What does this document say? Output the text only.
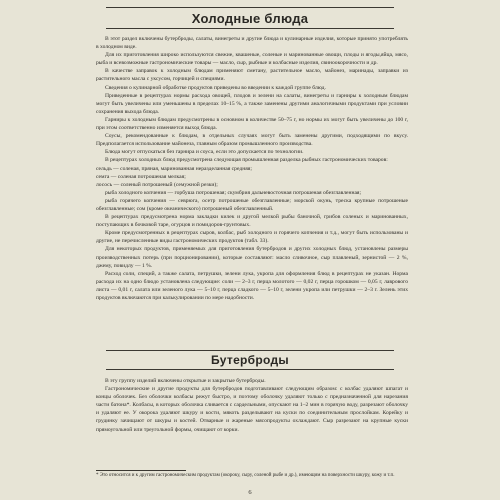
Холодные блюда

В этот раздел включены бутерброды, салаты, винегреты и другие блюда и кулинарные изделия, которые принято употреблять в холодном виде.

Для их приготовления широко используются свежие, квашеные, соленые и маринованные овощи, плоды и ягоды,яйца, мясо, рыба и всевозможные гастрономические товары — масло, сыр, рыбные и колбасные изделия, свиноокорочности и др.

В качестве заправок к холодным блюдам применяют сметану, растительное масло, майонез, маринады, заправки из растительного масла с уксусом, горчицей и специями.

Сведения о кулинарной обработке продуктов приведены во введении к каждой группе блюд.

Приведенные в рецептурах нормы расхода овощей, плодов и зелени на салаты, винегреты и гарниры к холодным блюдам могут быть увеличены или уменьшены в пределах 10–15 %, а также заменены другими аналогичными продуктами при условии сохранения выхода блюда.

Гарниры к холодным блюдам предусмотрены в основном в количестве 50–75 г, но нормы их могут быть увеличены до 100 г, при этом соответственно изменяется выход блюда.

Соусы, рекомендованные к блюдам, в отдельных случаях могут быть заменены другими, подходящими по вкусу. Предполагается использование майонеза, главным образом промышленного производства.

Блюда могут отпускаться без гарнира и соуса, если это допускается по технологии.

В рецептурах холодных блюд предусмотрена следующая промышленная разделка рыбных гастрономических товаров:

сельдь — соленая, пряная, маринованная неразделанная средняя;

семга — соленая потрошеная мелкая;

лосось — соленый потрошеный (семужной резки);

рыба холодного копчения — горбуша потрошеная; скумбрия дальневосточная потрошеная обезглавленная;

рыба горячего копчения — севрюга, осетр потрошеные обезглавленные; морской окунь, треска крупные потрошеные обезглавленные; сом (кроме океанического) потрошеный обезглавленный.

В рецептурах предусмотрена норма закладки килек и другой мелкой рыбы баночной, грибов соленых и маринованных, поступающих в бочковой таре, огурцов и помидоров-грунтовых.

Кроме предусмотренных в рецептурах сыров, колбас, рыб холодного и горячего копчения и т.д., могут быть использованы и другие, не перечисленные виды гастрономических продуктов (табл. 33).

Для некоторых продуктов, применяемых для приготовления бутербродов и других холодных блюд, установлены размеры производственных потерь (при порционировании), которые составляют: масло сливочное, сыр плавленый, зернистой — 2 %, джему, повидлу — 1 %.

Расход соли, специй, а также салата, петрушки, зелени лука, укропа для оформления блюд в рецептурах не указан. Норма расхода их на одно блюдо установлена следующие: соли — 2–3 г, перца молотого — 0,02 г, перца горошком — 0,05 г, лаврового листа — 0,01 г, салата или зеленого лука — 5–10 г, перца сладкого — 5–10 г, зелени укропа или петрушки — 2–3 г. Зелень этих продуктов включаются при калькулировании по мере надобности.

Бутерброды

В эту группу изделий включены открытые и закрытые бутерброды.

Гастрономические и другие продукты для бутербродов подготавливают следующим образом: с колбас удаляют шпагат и концы оболочек. Без оболочки колбасы режут быстро, и поэтому оболочку удаляют только с предназначенной для нарезания части батона*. Колбасы, в которых оболочка сливается с сардельными, опускают на 1–2 мин в горячую воду, разрезают оболочку и удаляют ее. У окорока удаляют шкуру и кости, мякоть разделывают на куски по соединительным прослойкам. Корейку и грудинку зачищают от шкуры и костей. Отварные и жареные мясопродукты охлаждают. Сыр разрезают на крупные куски прямоугольной или треугольной формы, очищают от корки.

* Это относится и к другим гастрономическим продуктам (окороку, сыру, соленой рыбе и др.), имеющим на поверхности шкуру, кожу и т.п.
6
